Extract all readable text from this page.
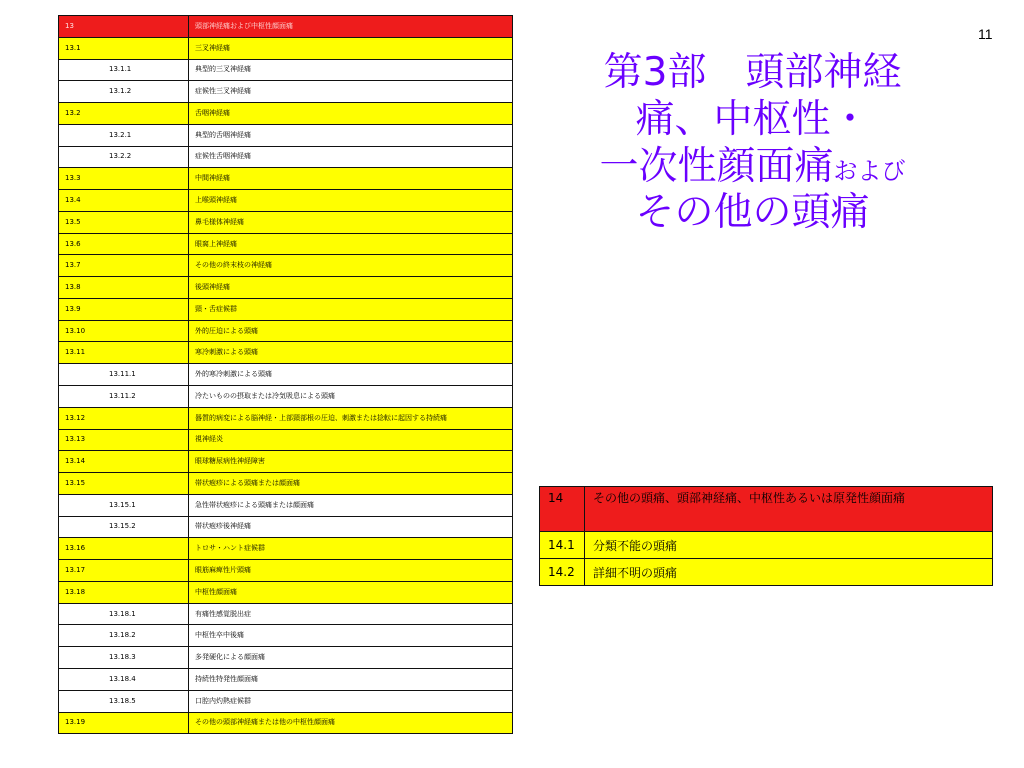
11
第3部　頭部神経
痛、中枢性・
一次性顔面痛および
その他の頭痛
13	頭部神経痛および中枢性顔面痛
13.1	三叉神経痛
13.1.1	典型的三叉神経痛
13.1.2	症候性三叉神経痛
13.2	舌咽神経痛
13.2.1	典型的舌咽神経痛
13.2.2	症候性舌咽神経痛
13.3	中間神経痛
13.4	上喉頭神経痛
13.5	鼻毛様体神経痛
13.6	眼窩上神経痛
13.7	その他の終末枝の神経痛
13.8	後頭神経痛
13.9	頸・舌症候群
13.10	外的圧迫による頭痛
13.11	寒冷刺激による頭痛
13.11.1	外的寒冷刺激による頭痛
13.11.2	冷たいものの摂取または冷気吸息による頭痛
13.12	器質的病変による脳神経・上部頸部根の圧迫、刺激または捻転に起因する持続痛
13.13	視神経炎
13.14	眼球糖尿病性神経障害
13.15	帯状疱疹による頭痛または顔面痛
13.15.1	急性帯状疱疹による頭痛または顔面痛
13.15.2	帯状疱疹後神経痛
13.16	トロサ・ハント症候群
13.17	眼筋麻痺性片頭痛
13.18	中枢性顔面痛
13.18.1	有痛性感覚脱出症
13.18.2	中枢性卒中後痛
13.18.3	多発硬化による顔面痛
13.18.4	持続性特発性顔面痛
13.18.5	口腔内灼熱症候群
13.19	その他の頭部神経痛または他の中枢性顔面痛
14	その他の頭痛、頭部神経痛、中枢性あるいは原発性顔面痛
14.1	分類不能の頭痛
14.2	詳細不明の頭痛
